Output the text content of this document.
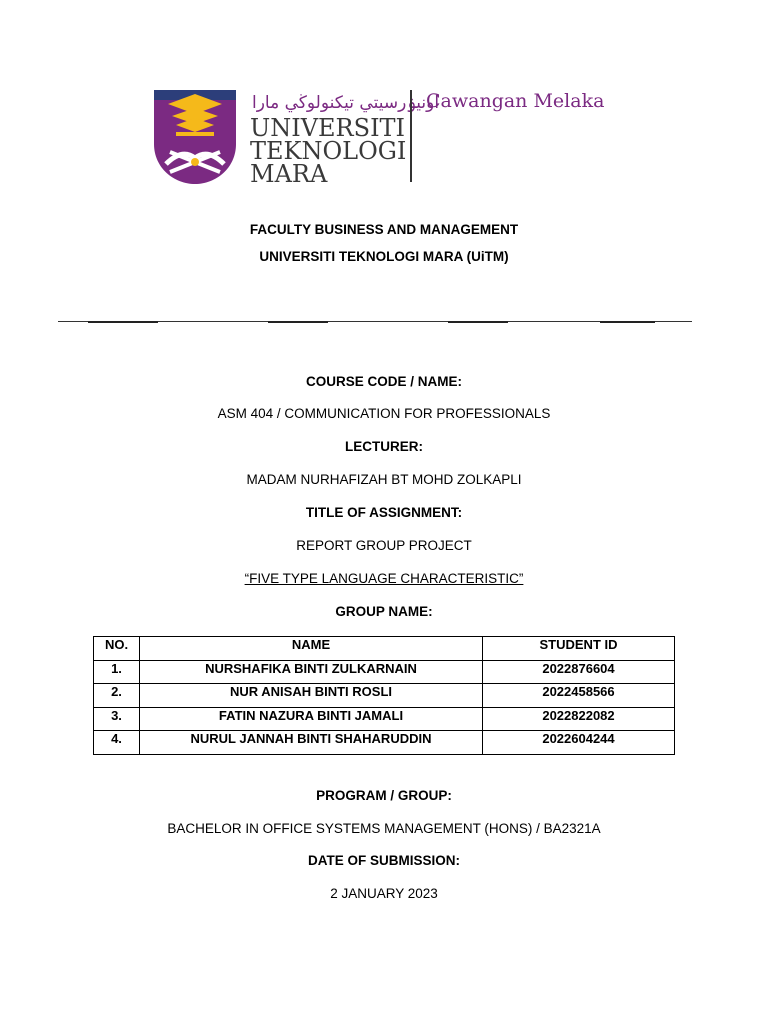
اونيۏرسيتي تيكنولوڬي مارا
UNIVERSITI
TEKNOLOGI
MARA
Cawangan Melaka
FACULTY BUSINESS AND MANAGEMENT
UNIVERSITI TEKNOLOGI MARA (UiTM)
COURSE CODE / NAME:
ASM 404 / COMMUNICATION FOR PROFESSIONALS
LECTURER:
MADAM NURHAFIZAH BT MOHD ZOLKAPLI
TITLE OF ASSIGNMENT:
REPORT GROUP PROJECT
“FIVE TYPE LANGUAGE CHARACTERISTIC”
GROUP NAME:
NO.	NAME	STUDENT ID
1.	NURSHAFIKA BINTI ZULKARNAIN	2022876604
2.	NUR ANISAH BINTI ROSLI	2022458566
3.	FATIN NAZURA BINTI JAMALI	2022822082
4.	NURUL JANNAH BINTI SHAHARUDDIN	2022604244
PROGRAM / GROUP:
BACHELOR IN OFFICE SYSTEMS MANAGEMENT (HONS) / BA2321A
DATE OF SUBMISSION:
2 JANUARY 2023
